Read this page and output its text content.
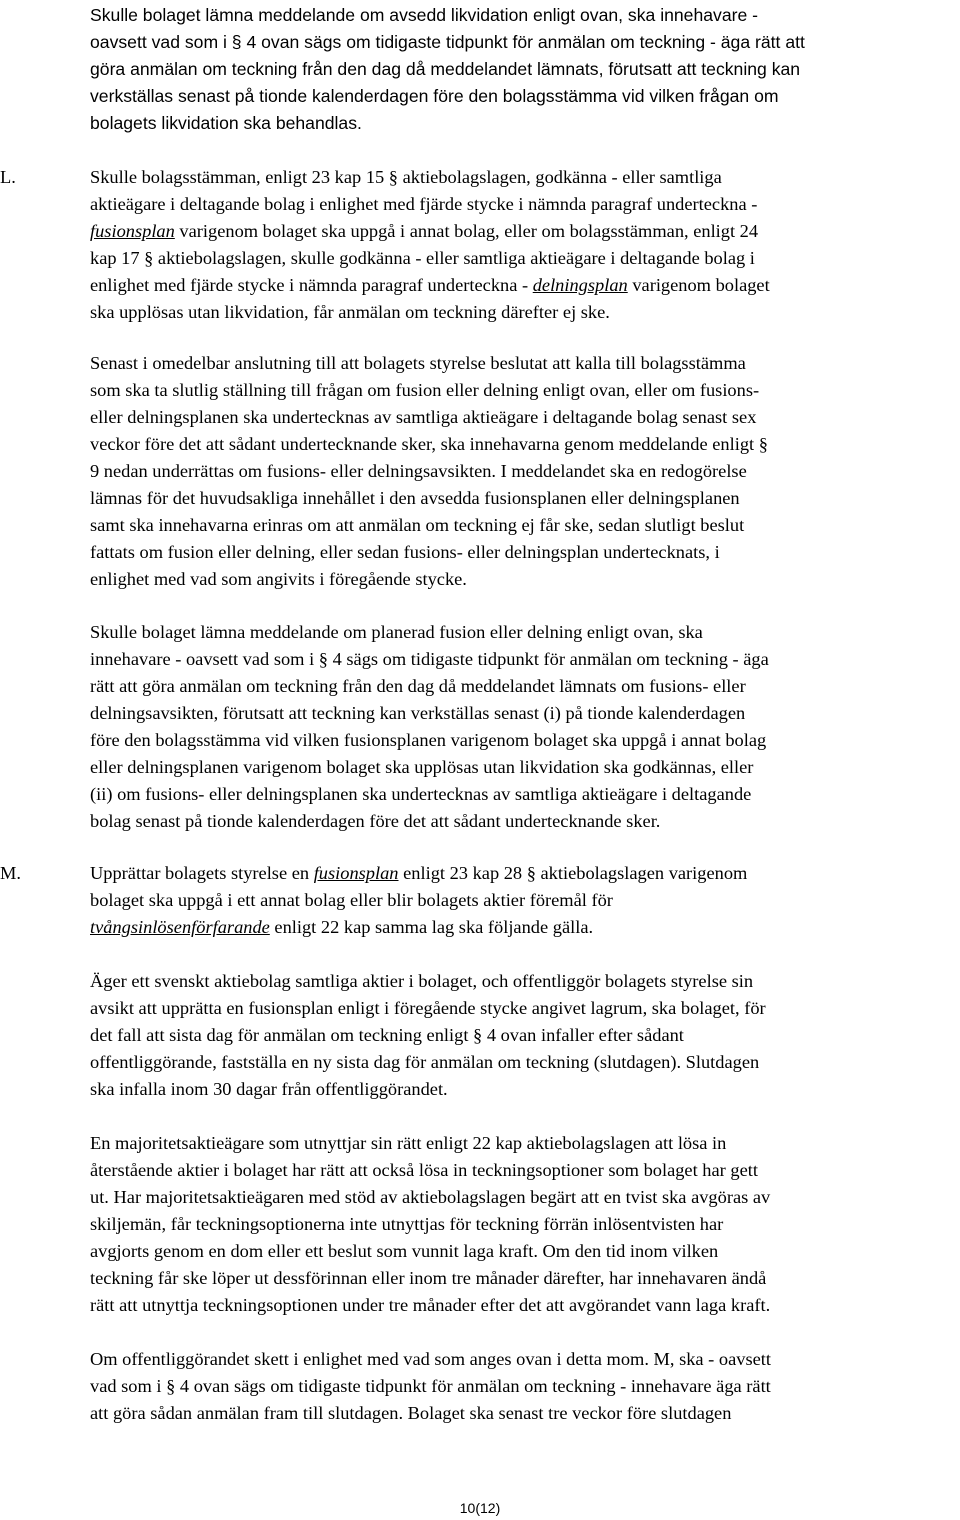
Skulle bolaget lämna meddelande om avsedd likvidation enligt ovan, ska innehavare -
oavsett vad som i § 4 ovan sägs om tidigaste tidpunkt för anmälan om teckning - äga rätt att
göra anmälan om teckning från den dag då meddelandet lämnats, förutsatt att teckning kan
verkställas senast på tionde kalenderdagen före den bolagsstämma vid vilken frågan om
bolagets likvidation ska behandlas.
L.	Skulle bolagsstämman, enligt 23 kap 15 § aktiebolagslagen, godkänna - eller samtliga
aktieägare i deltagande bolag i enlighet med fjärde stycke i nämnda paragraf underteckna -
fusionsplan varigenom bolaget ska uppgå i annat bolag, eller om bolagsstämman, enligt 24
kap 17 § aktiebolagslagen, skulle godkänna - eller samtliga aktieägare i deltagande bolag i
enlighet med fjärde stycke i nämnda paragraf underteckna - delningsplan varigenom bolaget
ska upplösas utan likvidation, får anmälan om teckning därefter ej ske.
Senast i omedelbar anslutning till att bolagets styrelse beslutat att kalla till bolagsstämma
som ska ta slutlig ställning till frågan om fusion eller delning enligt ovan, eller om fusions-
eller delningsplanen ska undertecknas av samtliga aktieägare i deltagande bolag senast sex
veckor före det att sådant undertecknande sker, ska innehavarna genom meddelande enligt §
9 nedan underrättas om fusions- eller delningsavsikten. I meddelandet ska en redogörelse
lämnas för det huvudsakliga innehållet i den avsedda fusionsplanen eller delningsplanen
samt ska innehavarna erinras om att anmälan om teckning ej får ske, sedan slutligt beslut
fattats om fusion eller delning, eller sedan fusions- eller delningsplan undertecknats, i
enlighet med vad som angivits i föregående stycke.
Skulle bolaget lämna meddelande om planerad fusion eller delning enligt ovan, ska
innehavare - oavsett vad som i § 4 sägs om tidigaste tidpunkt för anmälan om teckning - äga
rätt att göra anmälan om teckning från den dag då meddelandet lämnats om fusions- eller
delningsavsikten, förutsatt att teckning kan verkställas senast (i) på tionde kalenderdagen
före den bolagsstämma vid vilken fusionsplanen varigenom bolaget ska uppgå i annat bolag
eller delningsplanen varigenom bolaget ska upplösas utan likvidation ska godkännas, eller
(ii) om fusions- eller delningsplanen ska undertecknas av samtliga aktieägare i deltagande
bolag senast på tionde kalenderdagen före det att sådant undertecknande sker.
M.	Upprättar bolagets styrelse en fusionsplan enligt 23 kap 28 § aktiebolagslagen varigenom
bolaget ska uppgå i ett annat bolag eller blir bolagets aktier föremål för
tvångsinlösenförfarande enligt 22 kap samma lag ska följande gälla.
Äger ett svenskt aktiebolag samtliga aktier i bolaget, och offentliggör bolagets styrelse sin
avsikt att upprätta en fusionsplan enligt i föregående stycke angivet lagrum, ska bolaget, för
det fall att sista dag för anmälan om teckning enligt § 4 ovan infaller efter sådant
offentliggörande, fastställa en ny sista dag för anmälan om teckning (slutdagen). Slutdagen
ska infalla inom 30 dagar från offentliggörandet.
En majoritetsaktieägare som utnyttjar sin rätt enligt 22 kap aktiebolagslagen att lösa in
återstående aktier i bolaget har rätt att också lösa in teckningsoptioner som bolaget har gett
ut. Har majoritetsaktieägaren med stöd av aktiebolagslagen begärt att en tvist ska avgöras av
skiljemän, får teckningsoptionerna inte utnyttjas för teckning förrän inlösentvisten har
avgjorts genom en dom eller ett beslut som vunnit laga kraft. Om den tid inom vilken
teckning får ske löper ut dessförinnan eller inom tre månader därefter, har innehavaren ändå
rätt att utnyttja teckningsoptionen under tre månader efter det att avgörandet vann laga kraft.
Om offentliggörandet skett i enlighet med vad som anges ovan i detta mom. M, ska - oavsett
vad som i § 4 ovan sägs om tidigaste tidpunkt för anmälan om teckning - innehavare äga rätt
att göra sådan anmälan fram till slutdagen. Bolaget ska senast tre veckor före slutdagen
10(12)
